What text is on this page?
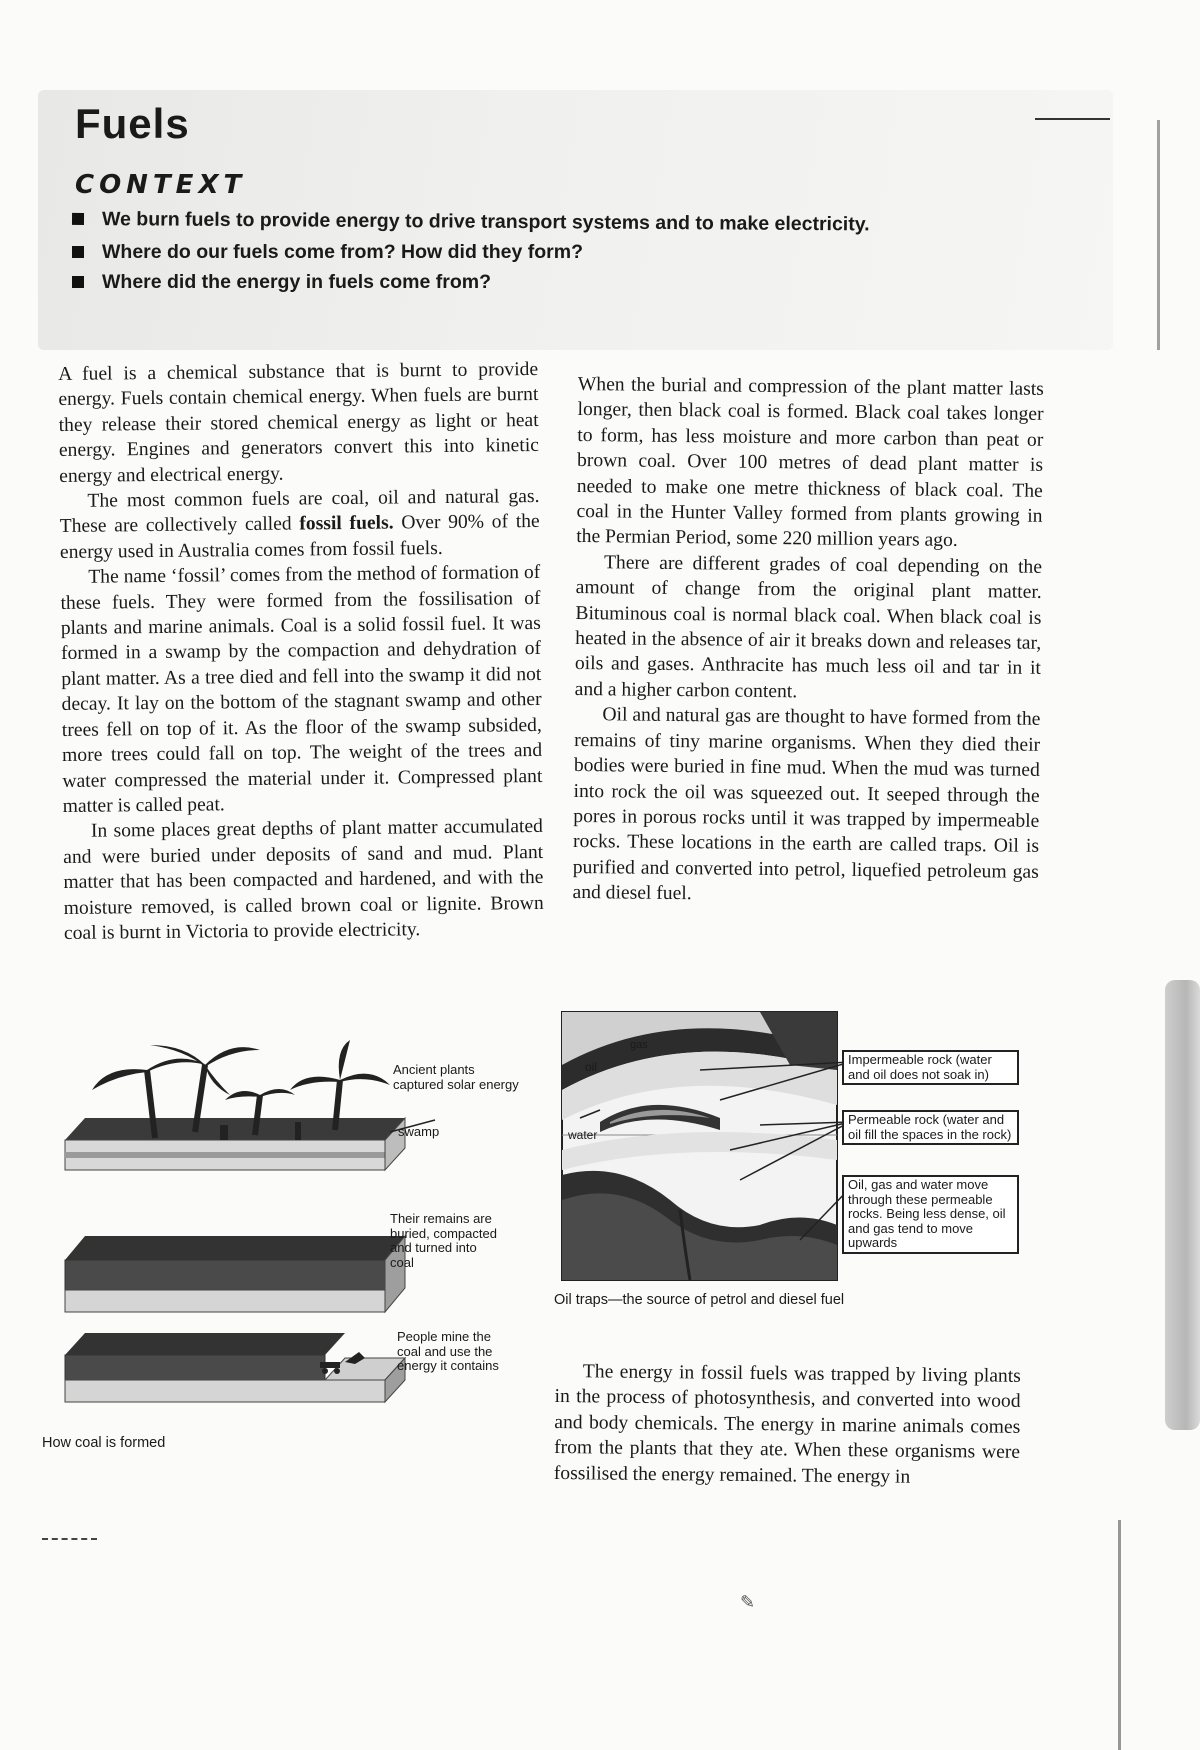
Fuels
CONTEXT
We burn fuels to provide energy to drive transport systems and to make electricity.
Where do our fuels come from? How did they form?
Where did the energy in fuels come from?

A fuel is a chemical substance that is burnt to provide energy. Fuels contain chemical energy. When fuels are burnt they release their stored chemical energy as light or heat energy. Engines and generators convert this into kinetic energy and electrical energy.

The most common fuels are coal, oil and natural gas. These are collectively called fossil fuels. Over 90% of the energy used in Australia comes from fossil fuels.

The name ‘fossil’ comes from the method of formation of these fuels. They were formed from the fossilisation of plants and marine animals. Coal is a solid fossil fuel. It was formed in a swamp by the compaction and dehydration of plant matter. As a tree died and fell into the swamp it did not decay. It lay on the bottom of the stagnant swamp and other trees fell on top of it. As the floor of the swamp subsided, more trees could fall on top. The weight of the trees and water compressed the material under it. Compressed plant matter is called peat.

In some places great depths of plant matter accumulated and were buried under deposits of sand and mud. Plant matter that has been compacted and hardened, and with the moisture removed, is called brown coal or lignite. Brown coal is burnt in Victoria to provide electricity.

When the burial and compression of the plant matter lasts longer, then black coal is formed. Black coal takes longer to form, has less moisture and more carbon than peat or brown coal. Over 100 metres of dead plant matter is needed to make one metre thickness of black coal. The coal in the Hunter Valley formed from plants growing in the Permian Period, some 220 million years ago.

There are different grades of coal depending on the amount of change from the original plant matter. Bituminous coal is normal black coal. When black coal is heated in the absence of air it breaks down and releases tar, oils and gases. Anthracite has much less oil and tar in it and a higher carbon content.

Oil and natural gas are thought to have formed from the remains of tiny marine organisms. When they died their bodies were buried in fine mud. When the mud was turned into rock the oil was squeezed out. It seeped through the pores in porous rocks until it was trapped by impermeable rocks. These locations in the earth are called traps. Oil is purified and converted into petrol, liquefied petroleum gas and diesel fuel.

The energy in fossil fuels was trapped by living plants in the process of photosynthesis, and converted into wood and body chemicals. The energy in marine animals comes from the plants that they ate. When these organisms were fossilised the energy remained. The energy in

Ancient plants captured solar energy
swamp
Their remains are buried, compacted and turned into coal
People mine the coal and use the energy it contains
How coal is formed
gas
oil
water
Impermeable rock (water and oil does not soak in)
Permeable rock (water and oil fill the spaces in the rock)
Oil, gas and water move through these permeable rocks. Being less dense, oil and gas tend to move upwards
Oil traps—the source of petrol and diesel fuel
✎
